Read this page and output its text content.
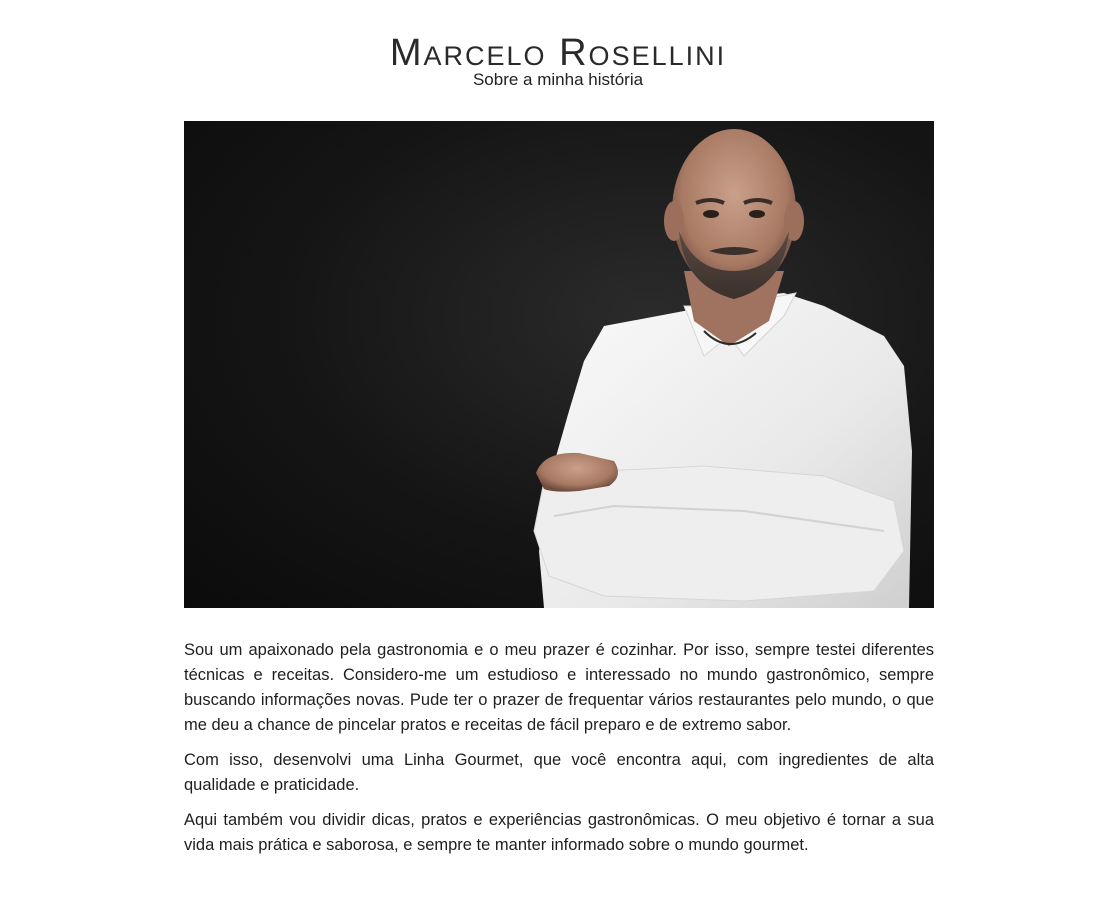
Marcelo Rosellini

Sobre a minha história

Sou um apaixonado pela gastronomia e o meu prazer é cozinhar. Por isso, sempre testei diferentes técnicas e receitas. Considero-me um estudioso e interessado no mundo gastronômico, sempre buscando informações novas. Pude ter o prazer de frequentar vários restaurantes pelo mundo, o que me deu a chance de pincelar pratos e receitas de fácil preparo e de extremo sabor.

Com isso, desenvolvi uma Linha Gourmet, que você encontra aqui, com ingredientes de alta qualidade e praticidade.

Aqui também vou dividir dicas, pratos e experiências gastronômicas. O meu objetivo é tornar a sua vida mais prática e saborosa, e sempre te manter informado sobre o mundo gourmet.
